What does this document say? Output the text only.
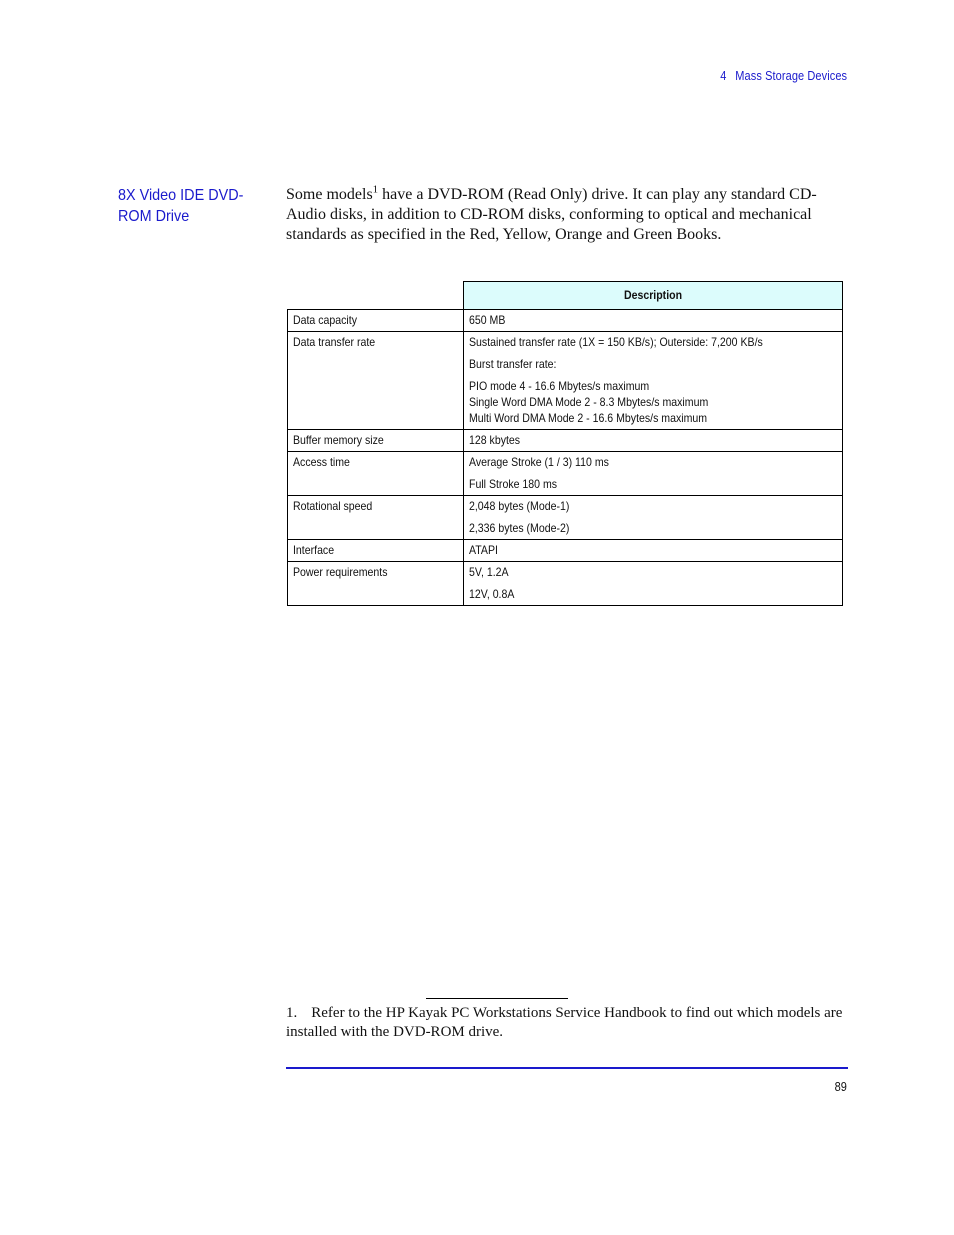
4 Mass Storage Devices
8X Video IDE DVD-ROM Drive

Some models$^1$ have a DVD-ROM (Read Only) drive. It can play any standard CD-Audio disks, in addition to CD-ROM disks, conforming to optical and mechanical standards as specified in the Red, Yellow, Orange and Green Books.

	Description

Data capacity	650 MB

Data transfer rate	Sustained transfer rate (1X = 150 KB/s); Outerside: 7,200 KB/s
Burst transfer rate:
PIO mode 4 - 16.6 Mbytes/s maximum
Single Word DMA Mode 2 - 8.3 Mbytes/s maximum
Multi Word DMA Mode 2 - 16.6 Mbytes/s maximum

Buffer memory size	128 kbytes

Access time	Average Stroke (1 / 3) 110 ms
Full Stroke 180 ms

Rotational speed	2,048 bytes (Mode-1)
2,336 bytes (Mode-2)

Interface	ATAPI

Power requirements	5V, 1.2A
12V, 0.8A

1. Refer to the HP Kayak PC Workstations Service Handbook to find out which models are installed with the DVD-ROM drive.

89
